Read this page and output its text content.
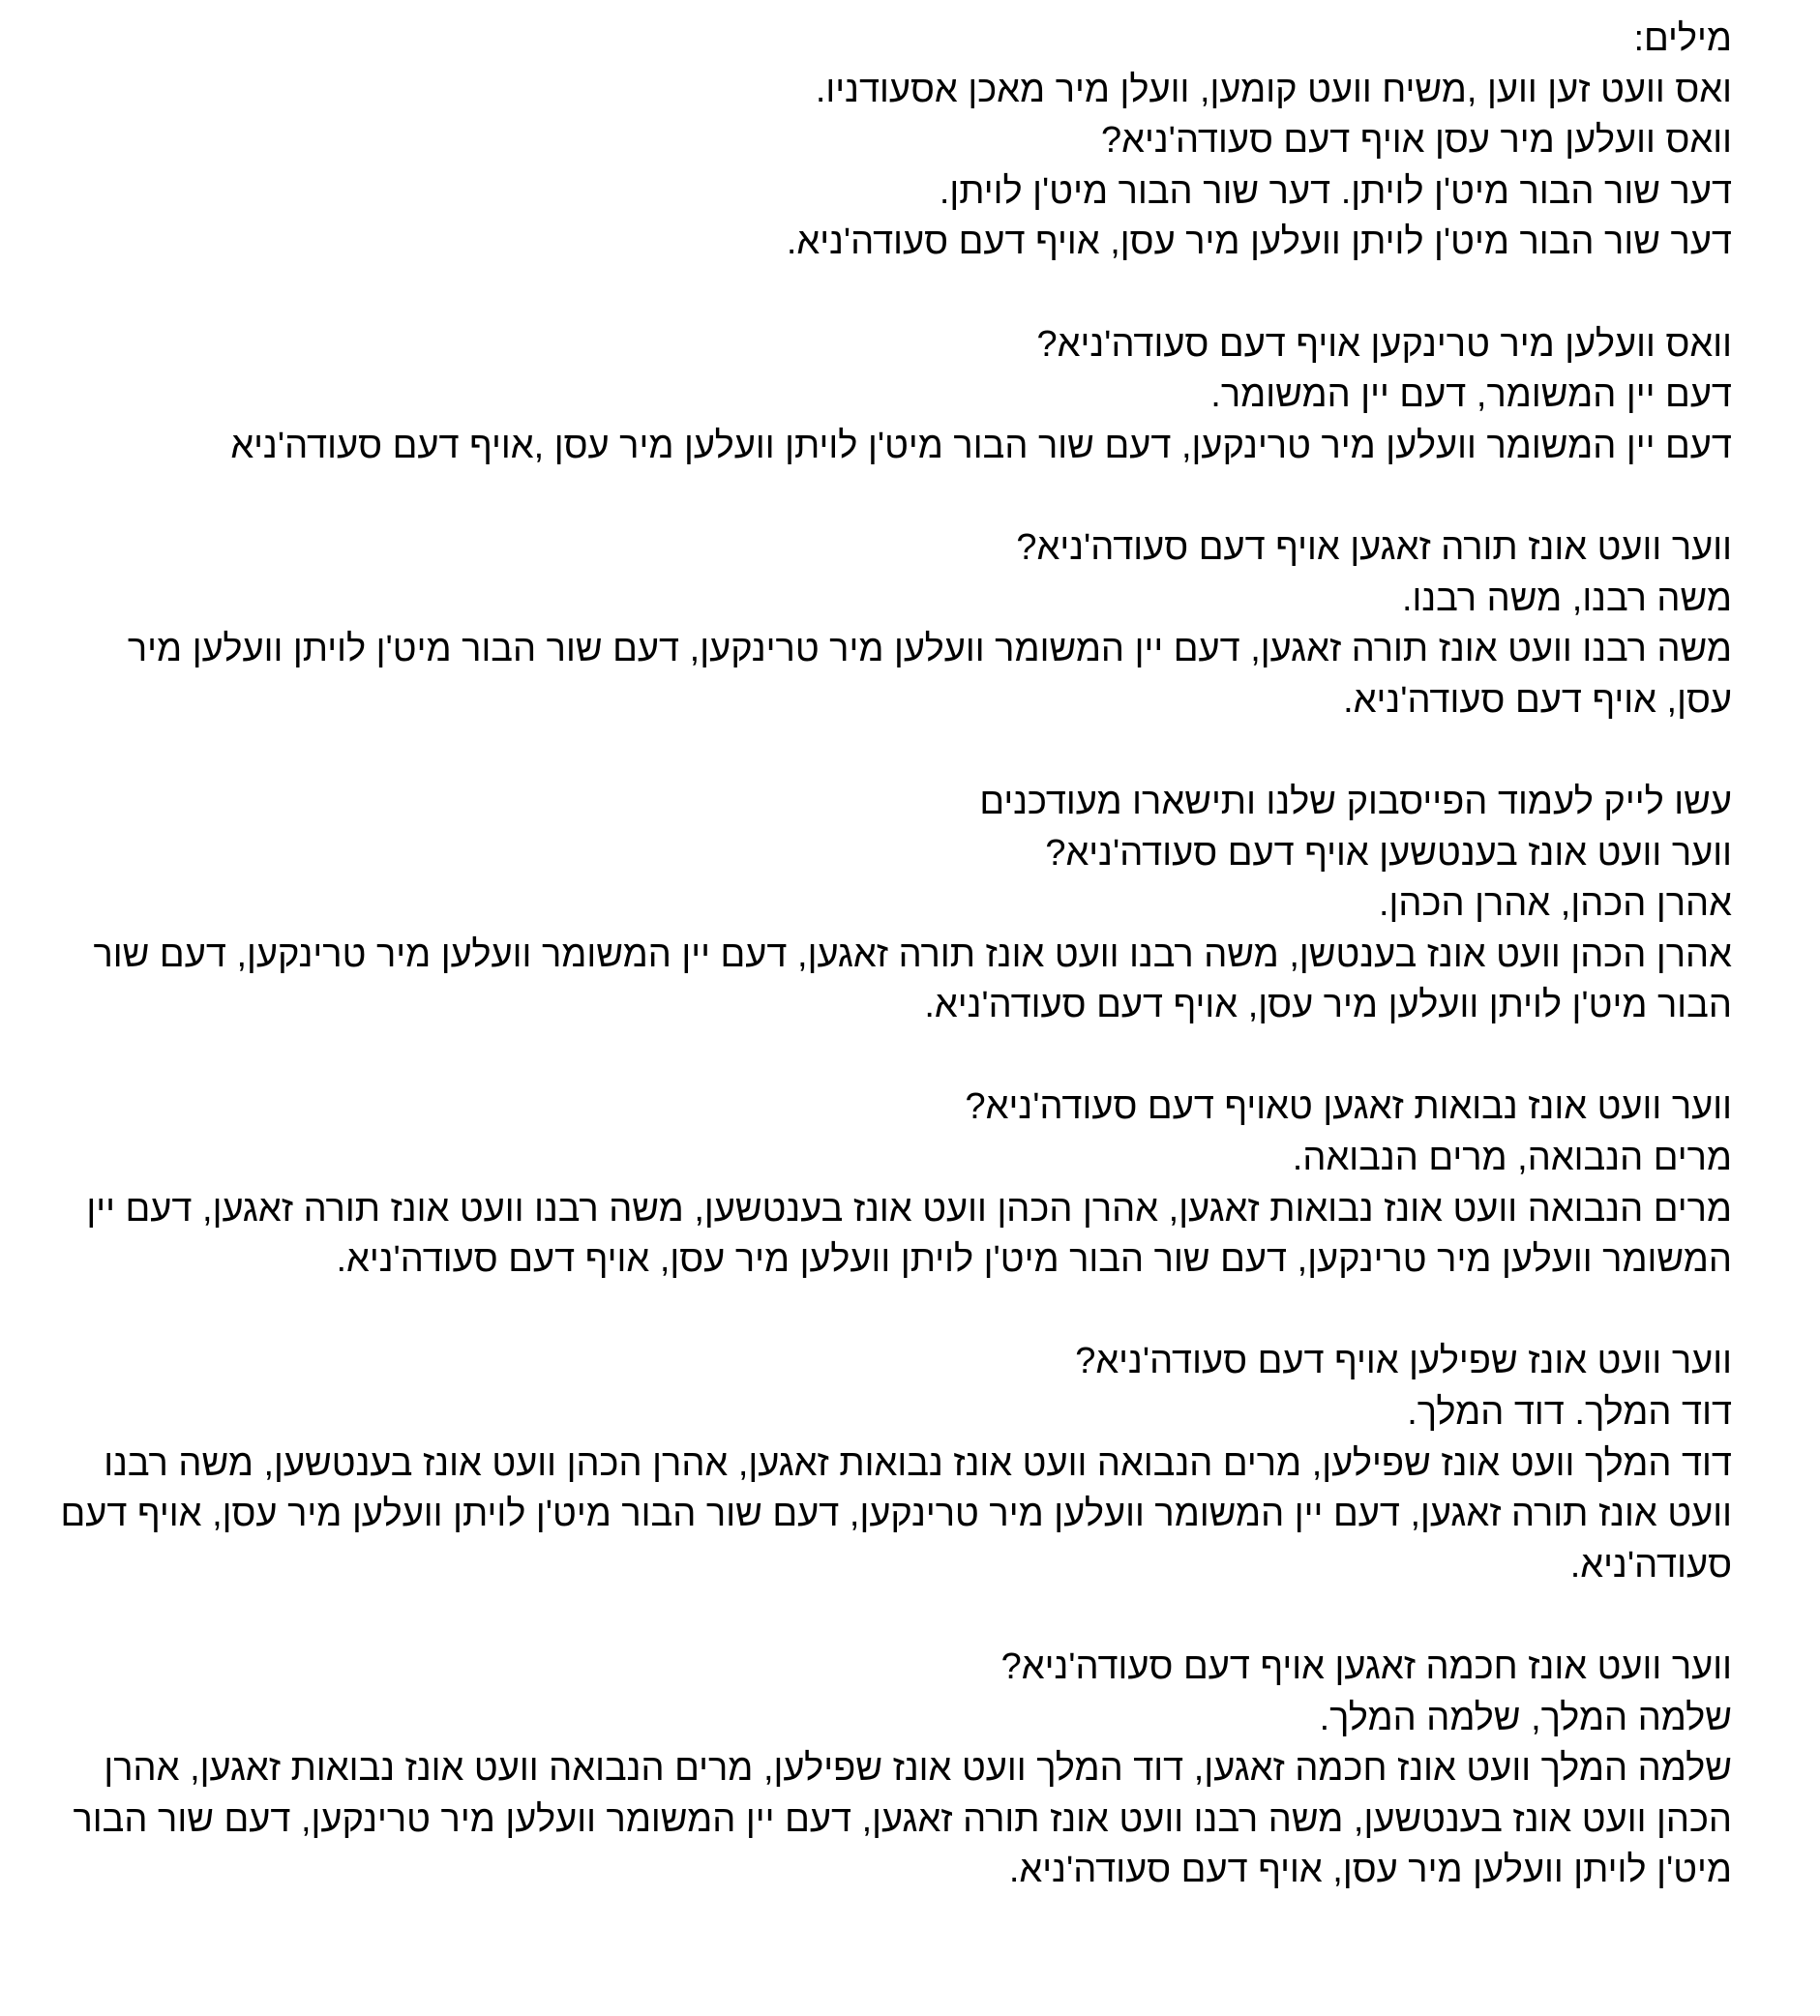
מילים:
ואס וועט זען ווען ,משיח וועט קומען, וועלן מיר מאכן אסעודניו.
וואס וועלען מיר עסן אויף דעם סעודה'ניא?
דער שור הבור מיט'ן לויתן. דער שור הבור מיט'ן לויתן.
דער שור הבור מיט'ן לויתן וועלען מיר עסן, אויף דעם סעודה'ניא.
וואס וועלען מיר טרינקען אויף דעם סעודה'ניא?
דעם יין המשומר, דעם יין המשומר.
דעם יין המשומר וועלען מיר טרינקען, דעם שור הבור מיט'ן לויתן וועלען מיר עסן ,אויף דעם סעודה'ניא
ווער וועט אונז תורה זאגען אויף דעם סעודה'ניא?
משה רבנו, משה רבנו.
משה רבנו וועט אונז תורה זאגען, דעם יין המשומר וועלען מיר טרינקען, דעם שור הבור מיט'ן לויתן וועלען מיר עסן, אויף דעם סעודה'ניא.
עשו לייק לעמוד הפייסבוק שלנו ותישארו מעודכנים
ווער וועט אונז בענטשען אויף דעם סעודה'ניא?
אהרן הכהן, אהרן הכהן.
אהרן הכהן וועט אונז בענטשן, משה רבנו וועט אונז תורה זאגען, דעם יין המשומר וועלען מיר טרינקען, דעם שור הבור מיט'ן לויתן וועלען מיר עסן, אויף דעם סעודה'ניא.
ווער וועט אונז נבואות זאגען טאויף דעם סעודה'ניא?
מרים הנבואה, מרים הנבואה.
מרים הנבואה וועט אונז נבואות זאגען, אהרן הכהן וועט אונז בענטשען, משה רבנו וועט אונז תורה זאגען, דעם יין המשומר וועלען מיר טרינקען, דעם שור הבור מיט'ן לויתן וועלען מיר עסן, אויף דעם סעודה'ניא.
ווער וועט אונז שפילען אויף דעם סעודה'ניא?
דוד המלך. דוד המלך.
דוד המלך וועט אונז שפילען, מרים הנבואה וועט אונז נבואות זאגען, אהרן הכהן וועט אונז בענטשען, משה רבנו וועט אונז תורה זאגען, דעם יין המשומר וועלען מיר טרינקען, דעם שור הבור מיט'ן לויתן וועלען מיר עסן, אויף דעם סעודה'ניא.
ווער וועט אונז חכמה זאגען אויף דעם סעודה'ניא?
שלמה המלך, שלמה המלך.
שלמה המלך וועט אונז חכמה זאגען, דוד המלך וועט אונז שפילען, מרים הנבואה וועט אונז נבואות זאגען, אהרן הכהן וועט אונז בענטשען, משה רבנו וועט אונז תורה זאגען, דעם יין המשומר וועלען מיר טרינקען, דעם שור הבור מיט'ן לויתן וועלען מיר עסן, אויף דעם סעודה'ניא.
